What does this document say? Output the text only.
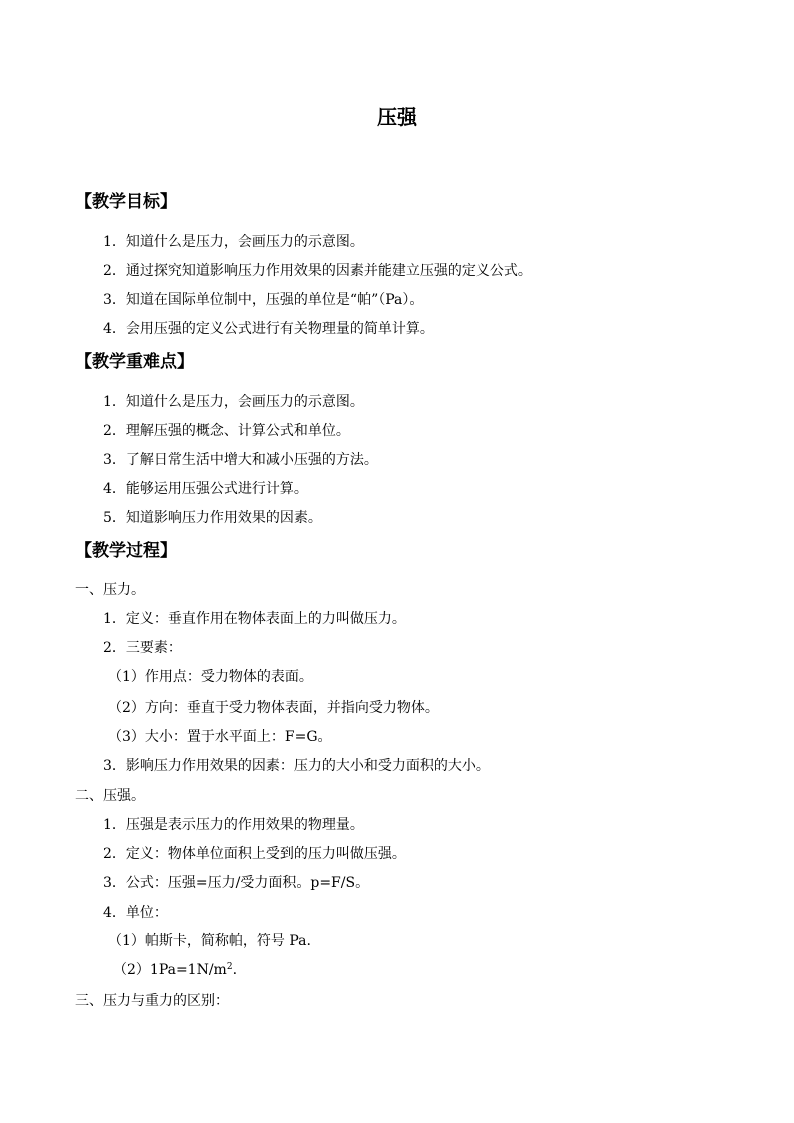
压强
【教学目标】
1．知道什么是压力，会画压力的示意图。
2．通过探究知道影响压力作用效果的因素并能建立压强的定义公式。
3．知道在国际单位制中，压强的单位是“帕”（Pa）。
4．会用压强的定义公式进行有关物理量的简单计算。
【教学重难点】
1．知道什么是压力，会画压力的示意图。
2．理解压强的概念、计算公式和单位。
3．了解日常生活中增大和减小压强的方法。
4．能够运用压强公式进行计算。
5．知道影响压力作用效果的因素。
【教学过程】
一、压力。
1．定义：垂直作用在物体表面上的力叫做压力。
2．三要素：
（1）作用点：受力物体的表面。
（2）方向：垂直于受力物体表面，并指向受力物体。
（3）大小：置于水平面上：F=G。
3．影响压力作用效果的因素：压力的大小和受力面积的大小。
二、压强。
1．压强是表示压力的作用效果的物理量。
2．定义：物体单位面积上受到的压力叫做压强。
3．公式：压强=压力/受力面积。p=F/S。
4．单位：
（1）帕斯卡，简称帕，符号 Pa.
$(2)1Pa=1N/m^2$.
三、压力与重力的区别：
